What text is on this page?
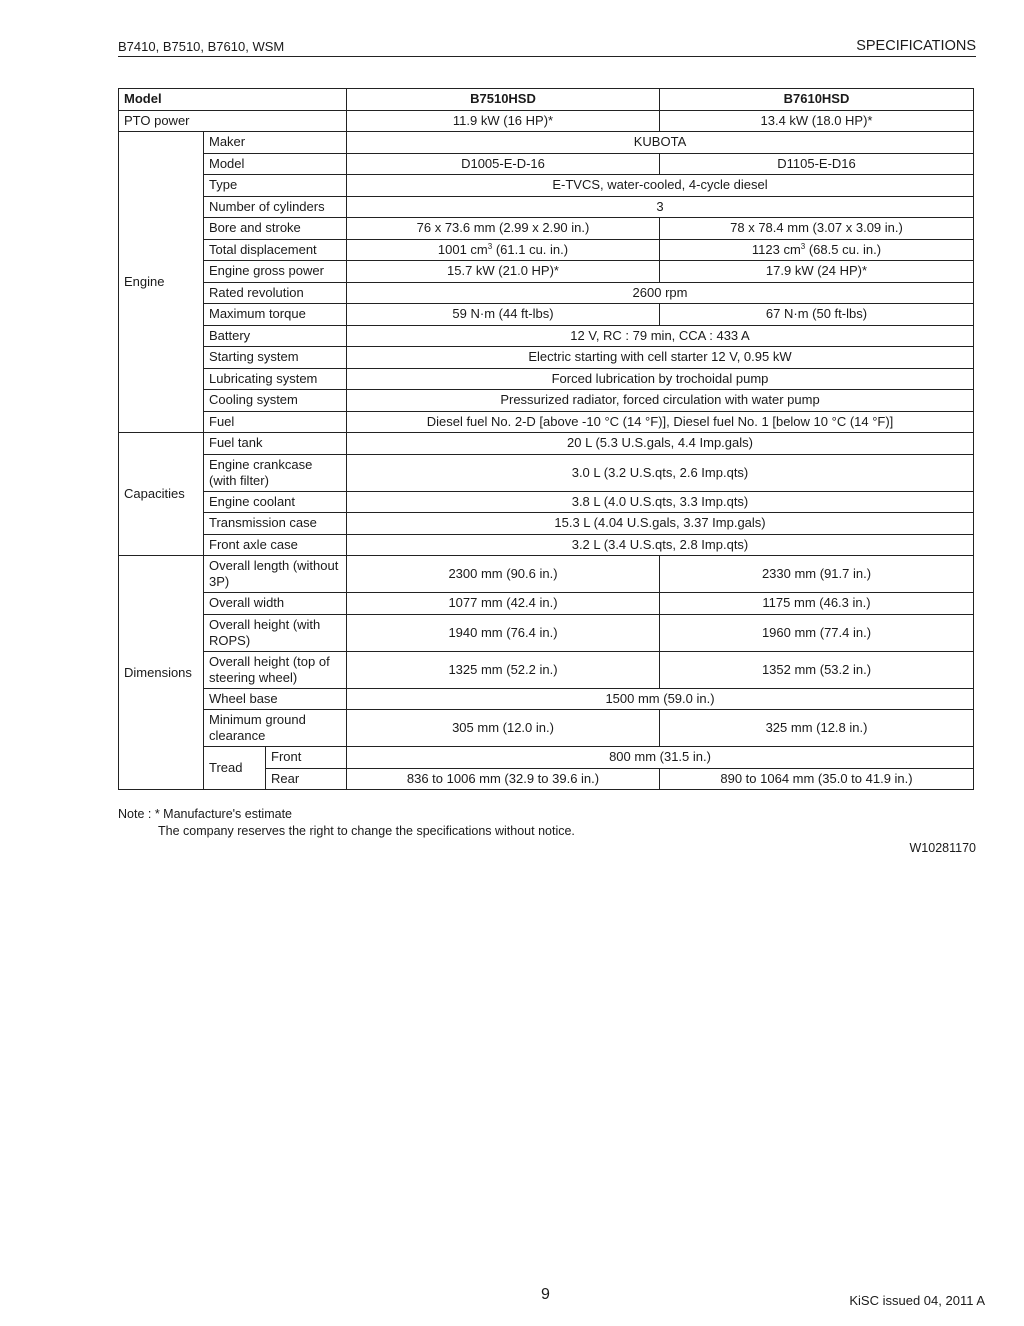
B7410, B7510, B7610, WSM	SPECIFICATIONS
Model			B7510HSD	B7610HSD
PTO power			11.9 kW (16 HP)*	13.4 kW (18.0 HP)*
Engine	Maker		KUBOTA	
	Model		D1005-E-D-16	D1105-E-D16
	Type		E-TVCS, water-cooled, 4-cycle diesel	
	Number of cylinders		3	
	Bore and stroke		76 x 73.6 mm (2.99 x 2.90 in.)	78 x 78.4 mm (3.07 x 3.09 in.)
	Total displacement		1001 $cm^3$ (61.1 cu. in.)	1123 $cm^3$ (68.5 cu. in.)
	Engine gross power		15.7 kW (21.0 HP)*	17.9 kW (24 HP)*
	Rated revolution		2600 rpm	
	Maximum torque		59 N·m (44 ft-lbs)	67 N·m (50 ft-lbs)
	Battery		12 V, RC : 79 min, CCA : 433 A	
	Starting system		Electric starting with cell starter 12 V, 0.95 kW	
	Lubricating system		Forced lubrication by trochoidal pump	
	Cooling system		Pressurized radiator, forced circulation with water pump	
	Fuel		Diesel fuel No. 2-D [above -10 °C (14 °F)], Diesel fuel No. 1 [below 10 °C (14 °F)]	
Capacities	Fuel tank		20 L (5.3 U.S.gals, 4.4 Imp.gals)	
	Engine crankcase (with filter)		3.0 L (3.2 U.S.qts, 2.6 Imp.qts)	
	Engine coolant		3.8 L (4.0 U.S.qts, 3.3 Imp.qts)	
	Transmission case		15.3 L (4.04 U.S.gals, 3.37 Imp.gals)	
	Front axle case		3.2 L (3.4 U.S.qts, 2.8 Imp.qts)	
Dimensions	Overall length (without 3P)		2300 mm (90.6 in.)	2330 mm (91.7 in.)
	Overall width		1077 mm (42.4 in.)	1175 mm (46.3 in.)
	Overall height (with ROPS)		1940 mm (76.4 in.)	1960 mm (77.4 in.)
	Overall height (top of steering wheel)		1325 mm (52.2 in.)	1352 mm (53.2 in.)
	Wheel base		1500 mm (59.0 in.)	
	Minimum ground clearance		305 mm (12.0 in.)	325 mm (12.8 in.)
	Tread	Front	800 mm (31.5 in.)	
		Rear	836 to 1006 mm (32.9 to 39.6 in.)	890 to 1064 mm (35.0 to 41.9 in.)
Note : * Manufacture's estimate
The company reserves the right to change the specifications without notice.
W10281170
9	KiSC issued 04, 2011 A
